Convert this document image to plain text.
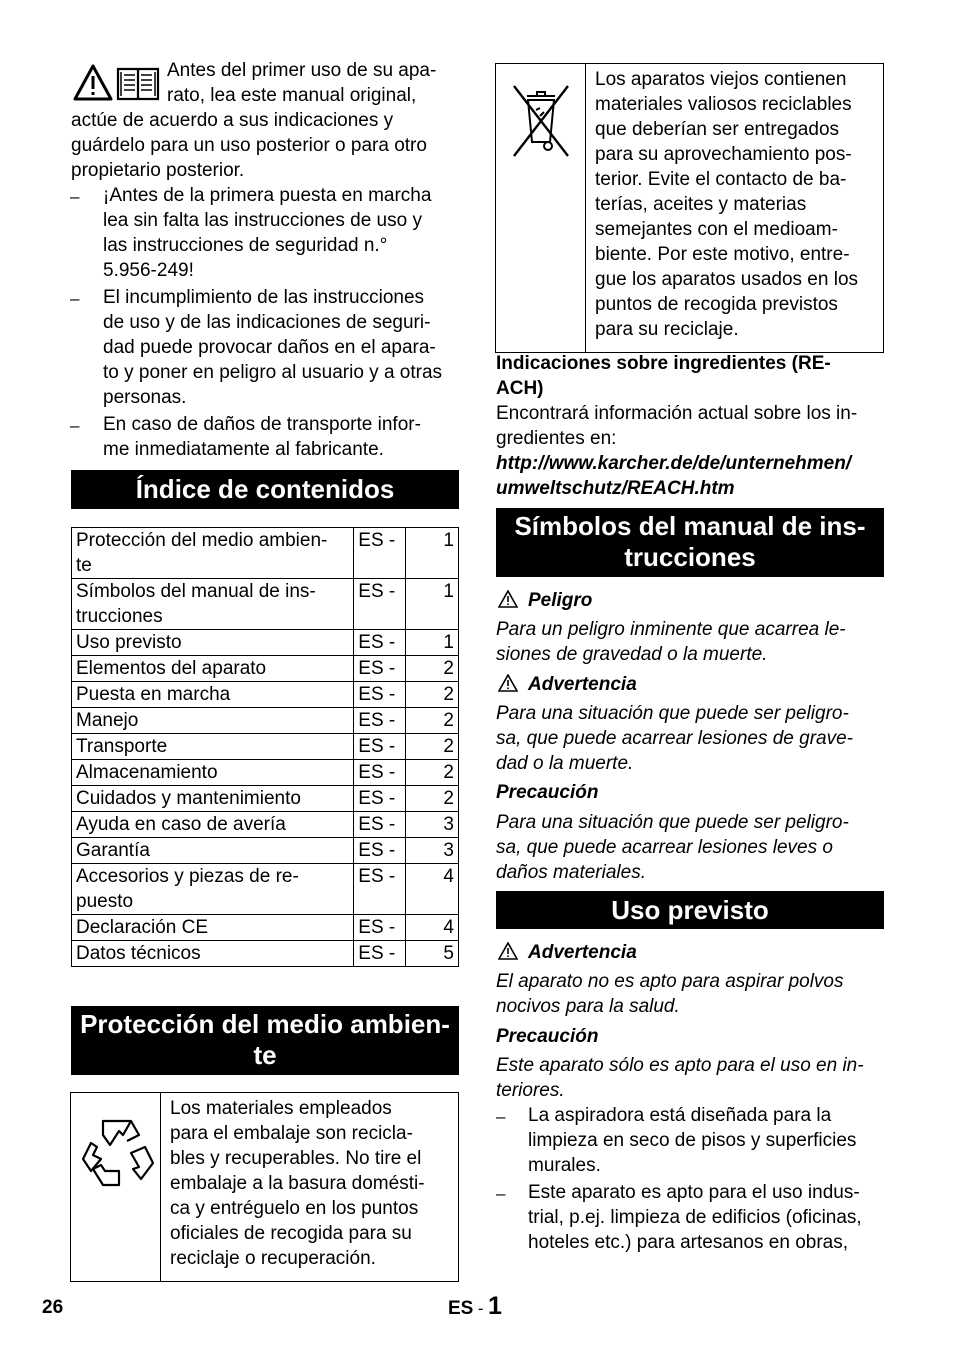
Antes del primer uso de su apa-
rato, lea este manual original,
actúe de acuerdo a sus indicaciones y
guárdelo para un uso posterior o para otro
propietario posterior.
– ¡Antes de la primera puesta en marcha
lea sin falta las instrucciones de uso y
las instrucciones de seguridad n.°
5.956-249!
– El incumplimiento de las instrucciones
de uso y de las indicaciones de seguri-
dad puede provocar daños en el apara-
to y poner en peligro al usuario y a otras
personas.
– En caso de daños de transporte infor-
me inmediatamente al fabricante.
Índice de contenidos
Protección del medio ambien-
te	ES -	1

Símbolos del manual de ins-
trucciones	ES -	1

Uso previsto	ES -	1

Elementos del aparato	ES -	2

Puesta en marcha	ES -	2

Manejo	ES -	2

Transporte	ES -	2

Almacenamiento	ES -	2

Cuidados y mantenimiento	ES -	2

Ayuda en caso de avería	ES -	3

Garantía	ES -	3

Accesorios y piezas de re-
puesto	ES -	4

Declaración CE	ES -	4

Datos técnicos	ES -	5
Protección del medio ambien-
te
Los materiales empleados
para el embalaje son recicla-
bles y recuperables. No tire el
embalaje a la basura domésti-
ca y entréguelo en los puntos
oficiales de recogida para su
reciclaje o recuperación.
Los aparatos viejos contienen
materiales valiosos reciclables
que deberían ser entregados
para su aprovechamiento pos-
terior. Evite el contacto de ba-
terías, aceites y materias
semejantes con el medioam-
biente. Por este motivo, entre-
gue los aparatos usados en los
puntos de recogida previstos
para su reciclaje.
Indicaciones sobre ingredientes (RE-
ACH)
Encontrará información actual sobre los in-
gredientes en:
http://www.karcher.de/de/unternehmen/
umweltschutz/REACH.htm
Símbolos del manual de ins-
trucciones
Peligro
Para un peligro inminente que acarrea le-
siones de gravedad o la muerte.
Advertencia
Para una situación que puede ser peligro-
sa, que puede acarrear lesiones de grave-
dad o la muerte.
Precaución
Para una situación que puede ser peligro-
sa, que puede acarrear lesiones leves o
daños materiales.
Uso previsto
Advertencia
El aparato no es apto para aspirar polvos
nocivos para la salud.
Precaución
Este aparato sólo es apto para el uso en in-
teriores.
– La aspiradora está diseñada para la
limpieza en seco de pisos y superficies
murales.
– Este aparato es apto para el uso indus-
trial, p.ej. limpieza de edificios (oficinas,
hoteles etc.) para artesanos en obras,
26	ES - 1
